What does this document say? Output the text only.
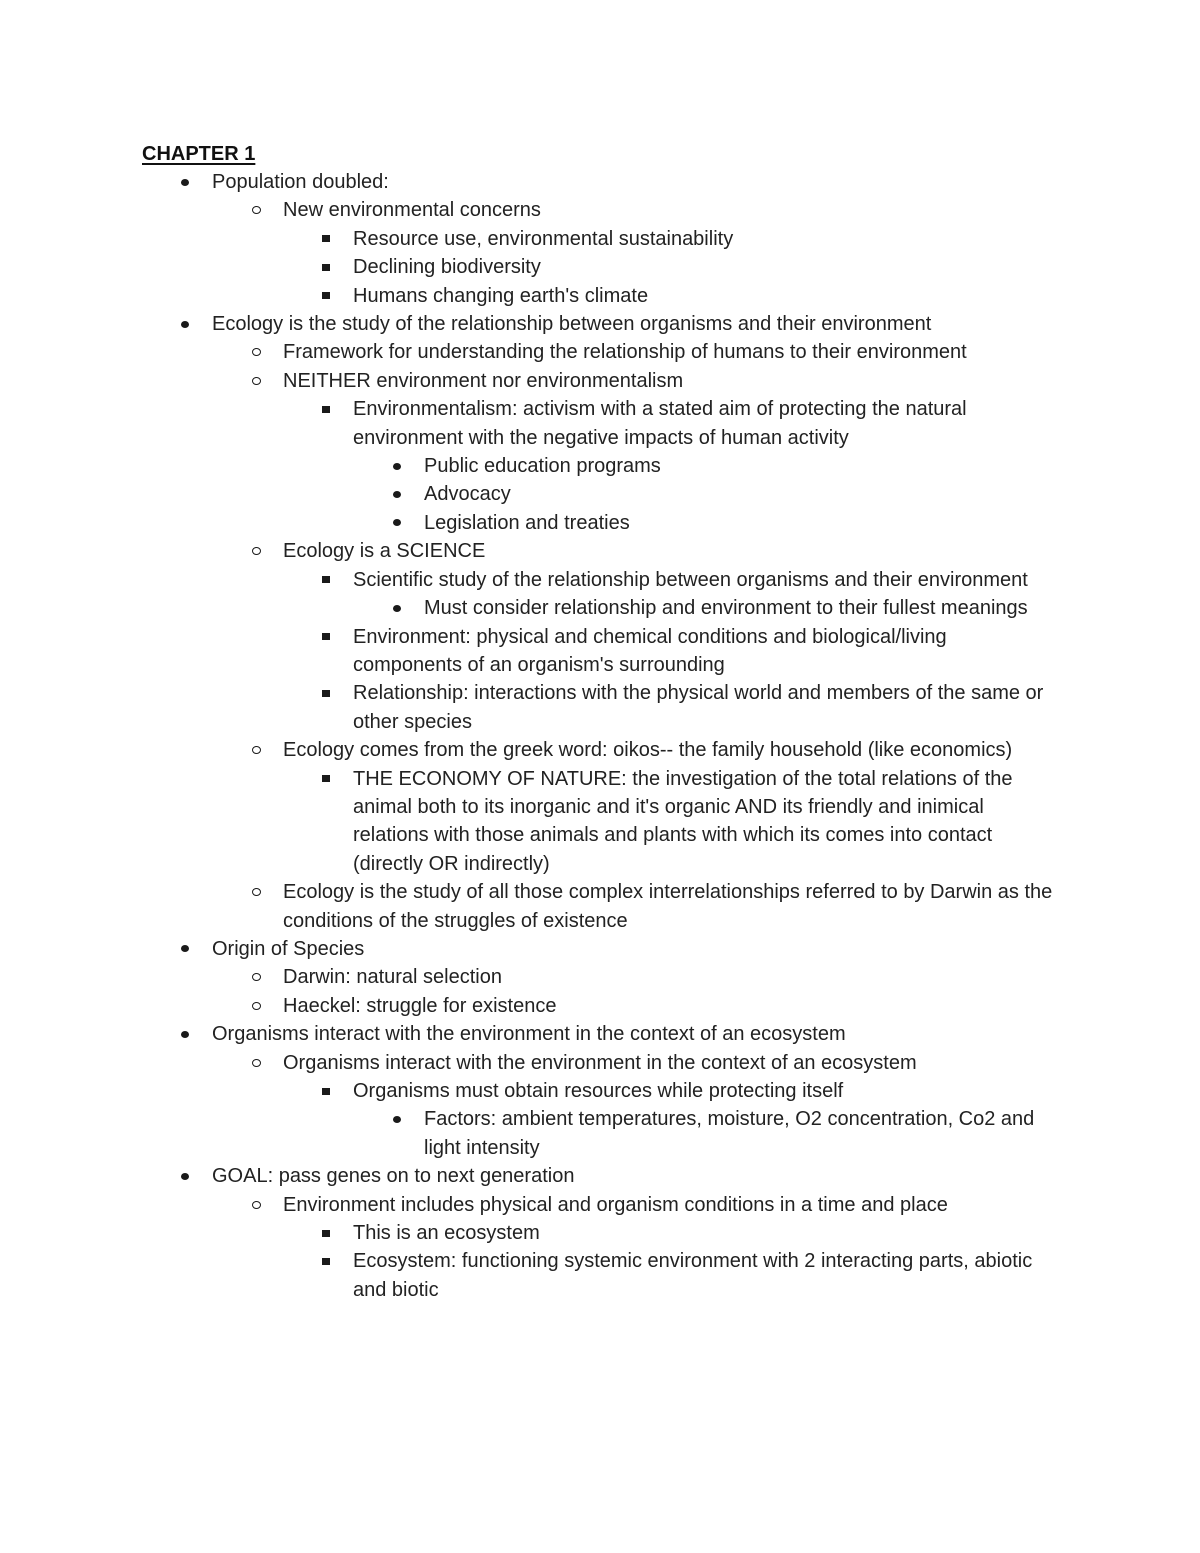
CHAPTER 1
Population doubled:
New environmental concerns
Resource use, environmental sustainability
Declining biodiversity
Humans changing earth's climate
Ecology is the study of the relationship between organisms and their environment
Framework for understanding the relationship of humans to their environment
NEITHER environment nor environmentalism
Environmentalism: activism with a stated aim of protecting the natural environment with the negative impacts of human activity
Public education programs
Advocacy
Legislation and treaties
Ecology is a SCIENCE
Scientific study of the relationship between organisms and their environment
Must consider relationship and environment to their fullest meanings
Environment: physical and chemical conditions and biological/living components of an organism's surrounding
Relationship: interactions with the physical world and members of the same or other species
Ecology comes from the greek word: oikos-- the family household (like economics)
THE ECONOMY OF NATURE: the investigation of the total relations of the animal both to its inorganic and it's organic AND its friendly and inimical relations with those animals and plants with which its comes into contact (directly OR indirectly)
Ecology is the study of all those complex interrelationships referred to by Darwin as the conditions of the struggles of existence
Origin of Species
Darwin: natural selection
Haeckel: struggle for existence
Organisms interact with the environment in the context of an ecosystem
Organisms interact with the environment in the context of an ecosystem
Organisms must obtain resources while protecting itself
Factors: ambient temperatures, moisture, O2 concentration, Co2 and light intensity
GOAL: pass genes on to next generation
Environment includes physical and organism conditions in a time and place
This is an ecosystem
Ecosystem: functioning systemic environment with 2 interacting parts, abiotic and biotic
